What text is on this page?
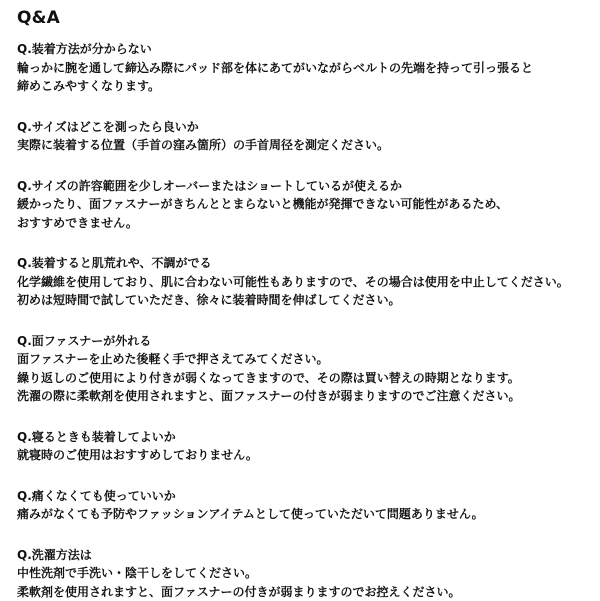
Q&A
Q.装着方法が分からない
輪っかに腕を通して締込み際にパッド部を体にあてがいながらベルトの先端を持って引っ張ると
締めこみやすくなります。
Q.サイズはどこを測ったら良いか
実際に装着する位置（手首の窪み箇所）の手首周径を測定ください。
Q.サイズの許容範囲を少しオーバーまたはショートしているが使えるか
緩かったり、面ファスナーがきちんととまらないと機能が発揮できない可能性があるため、
おすすめできません。
Q.装着すると肌荒れや、不調がでる
化学繊維を使用しており、肌に合わない可能性もありますので、その場合は使用を中止してください。
初めは短時間で試していただき、徐々に装着時間を伸ばしてください。
Q.面ファスナーが外れる
面ファスナーを止めた後軽く手で押さえてみてください。
繰り返しのご使用により付きが弱くなってきますので、その際は買い替えの時期となります。
洗濯の際に柔軟剤を使用されますと、面ファスナーの付きが弱まりますのでご注意ください。
Q.寝るときも装着してよいか
就寝時のご使用はおすすめしておりません。
Q.痛くなくても使っていいか
痛みがなくても予防やファッションアイテムとして使っていただいて問題ありません。
Q.洗濯方法は
中性洗剤で手洗い・陰干しをしてください。
柔軟剤を使用されますと、面ファスナーの付きが弱まりますのでお控えください。
